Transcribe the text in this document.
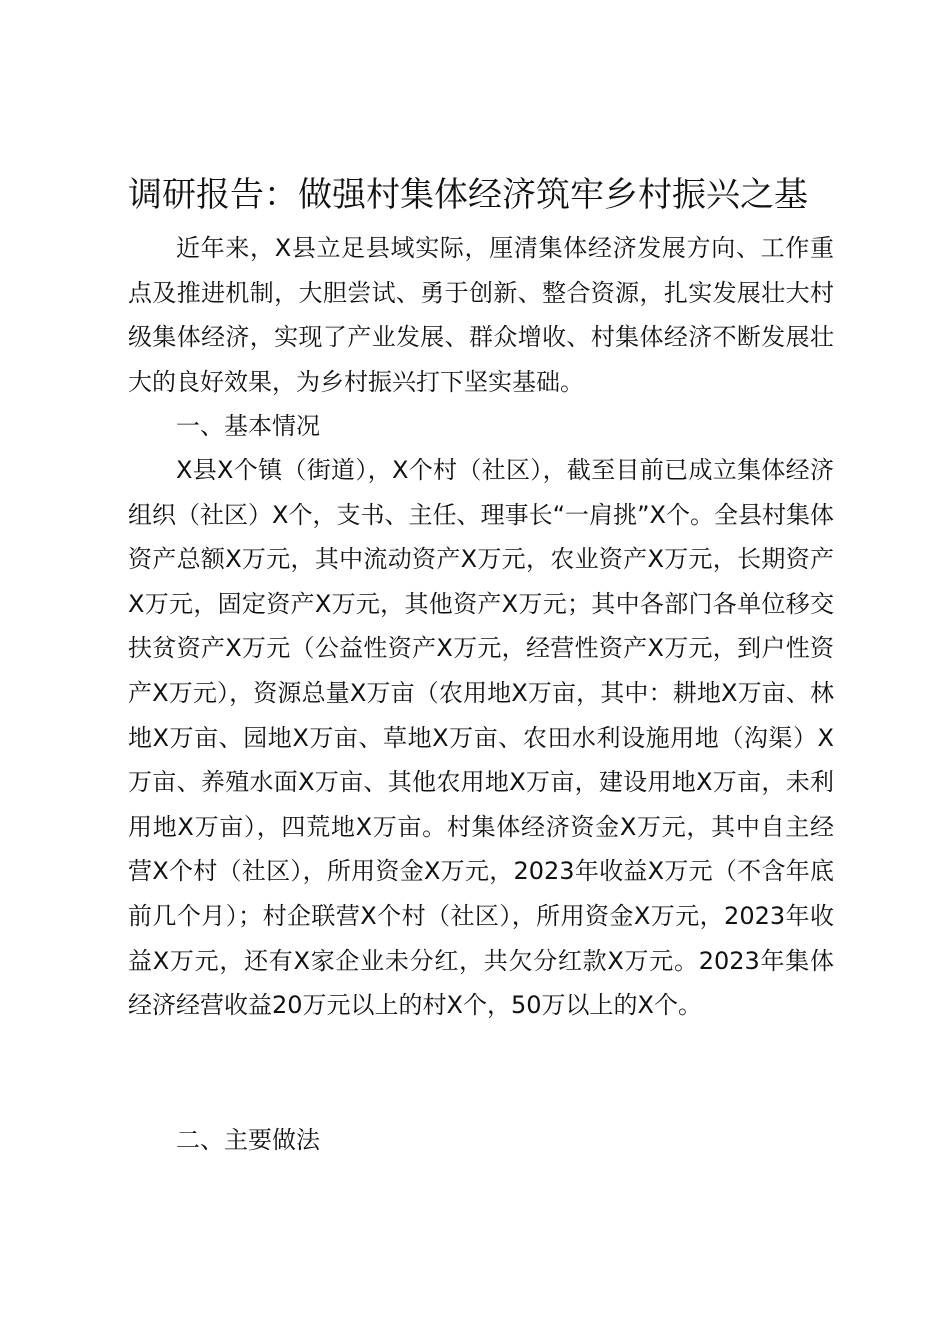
调研报告：做强村集体经济筑牢乡村振兴之基

近年来，X县立足县域实际，厘清集体经济发展方向、工作重点及推进机制，大胆尝试、勇于创新、整合资源，扎实发展壮大村级集体经济，实现了产业发展、群众增收、村集体经济不断发展壮大的良好效果，为乡村振兴打下坚实基础。

一、基本情况

X县X个镇（街道），X个村（社区），截至目前已成立集体经济组织（社区）X个，支书、主任、理事长“一肩挑”X个。全县村集体资产总额X万元，其中流动资产X万元，农业资产X万元，长期资产X万元，固定资产X万元，其他资产X万元；其中各部门各单位移交扶贫资产X万元（公益性资产X万元，经营性资产X万元，到户性资产X万元），资源总量X万亩（农用地X万亩，其中：耕地X万亩、林地X万亩、园地X万亩、草地X万亩、农田水利设施用地（沟渠）X万亩、养殖水面X万亩、其他农用地X万亩，建设用地X万亩，未利用地X万亩），四荒地X万亩。村集体经济资金X万元，其中自主经营X个村（社区），所用资金X万元，2023年收益X万元（不含年底前几个月）；村企联营X个村（社区），所用资金X万元，2023年收益X万元，还有X家企业未分红，共欠分红款X万元。2023年集体经济经营收益20万元以上的村X个，50万以上的X个。

二、主要做法
